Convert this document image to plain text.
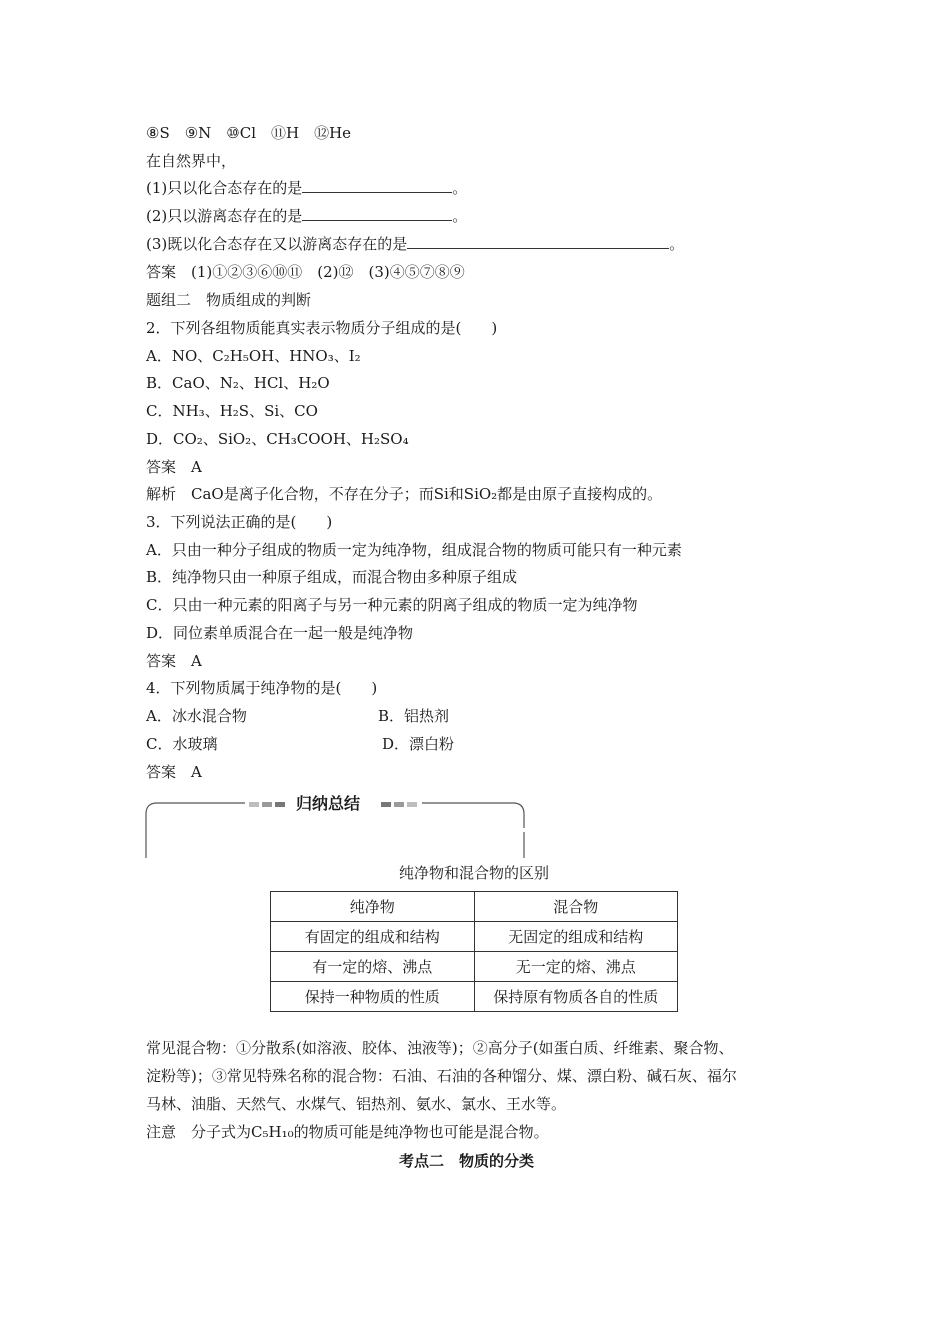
⑧S　⑨N　⑩Cl　⑪H　⑫He
在自然界中，
(1)只以化合态存在的是	。
(2)只以游离态存在的是	。
(3)既以化合态存在又以游离态存在的是	。
答案　(1)①②③⑥⑩⑪　(2)⑫　(3)④⑤⑦⑧⑨
题组二　物质组成的判断
2．下列各组物质能真实表示物质分子组成的是(　　)
A．NO、C₂H₅OH、HNO₃、I₂
B．CaO、N₂、HCl、H₂O
C．NH₃、H₂S、Si、CO
D．CO₂、SiO₂、CH₃COOH、H₂SO₄
答案　A
解析　CaO是离子化合物，不存在分子；而Si和SiO₂都是由原子直接构成的。
3．下列说法正确的是(　　)
A．只由一种分子组成的物质一定为纯净物，组成混合物的物质可能只有一种元素
B．纯净物只由一种原子组成，而混合物由多种原子组成
C．只由一种元素的阳离子与另一种元素的阴离子组成的物质一定为纯净物
D．同位素单质混合在一起一般是纯净物
答案　A
4．下列物质属于纯净物的是(　　)
A．冰水混合物	B．铝热剂
C．水玻璃	D．漂白粉
答案　A
归纳总结
纯净物和混合物的区别
纯净物	混合物
有固定的组成和结构	无固定的组成和结构
有一定的熔、沸点	无一定的熔、沸点
保持一种物质的性质	保持原有物质各自的性质
常见混合物：①分散系(如溶液、胶体、浊液等)；②高分子(如蛋白质、纤维素、聚合物、
淀粉等)；③常见特殊名称的混合物：石油、石油的各种馏分、煤、漂白粉、碱石灰、福尔
马林、油脂、天然气、水煤气、铝热剂、氨水、氯水、王水等。
注意　分子式为C₅H₁₀的物质可能是纯净物也可能是混合物。
考点二　物质的分类
